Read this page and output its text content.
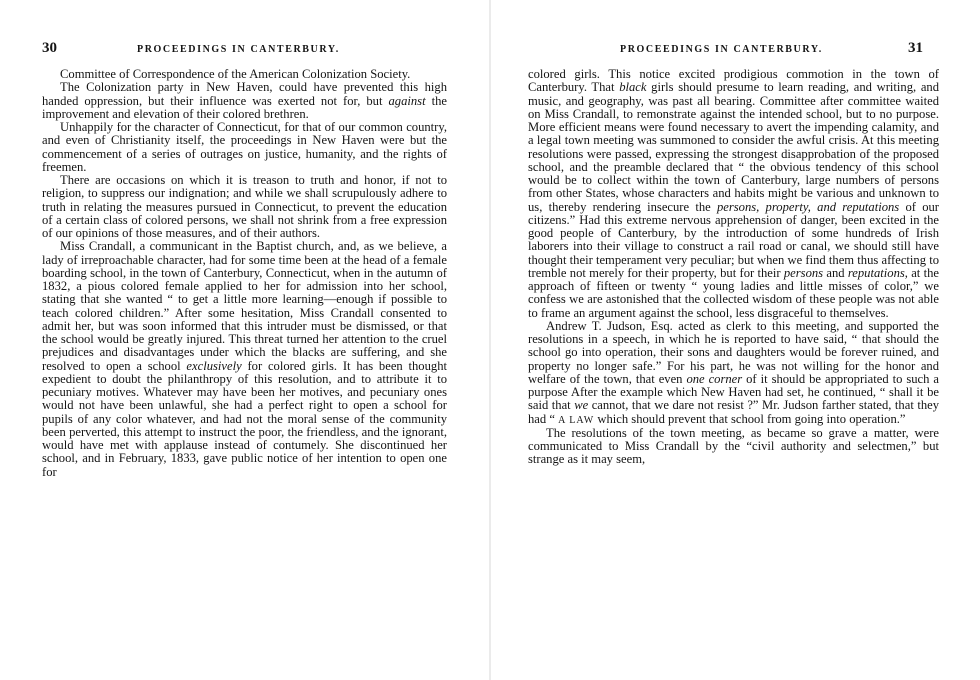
30	PROCEEDINGS IN CANTERBURY.

Committee of Correspondence of the American Colonization Society.

The Colonization party in New Haven, could have prevented this high handed oppression, but their influence was exerted not for, but against the improvement and elevation of their colored brethren.

Unhappily for the character of Connecticut, for that of our common country, and even of Christianity itself, the proceedings in New Haven were but the commencement of a series of outrages on justice, humanity, and the rights of freemen.

There are occasions on which it is treason to truth and honor, if not to religion, to suppress our indignation; and while we shall scrupulously adhere to truth in relating the measures pursued in Connecticut, to prevent the education of a certain class of colored persons, we shall not shrink from a free expression of our opinions of those measures, and of their authors.

Miss Crandall, a communicant in the Baptist church, and, as we believe, a lady of irreproachable character, had for some time been at the head of a female boarding school, in the town of Canterbury, Connecticut, when in the autumn of 1832, a pious colored female applied to her for admission into her school, stating that she wanted “ to get a little more learning—enough if possible to teach colored children.” After some hesitation, Miss Crandall consented to admit her, but was soon informed that this intruder must be dismissed, or that the school would be greatly injured. This threat turned her attention to the cruel prejudices and disadvantages under which the blacks are suffering, and she resolved to open a school exclusively for colored girls. It has been thought expedient to doubt the philanthropy of this resolution, and to attribute it to pecuniary motives. Whatever may have been her motives, and pecuniary ones would not have been unlawful, she had a perfect right to open a school for pupils of any color whatever, and had not the moral sense of the community been perverted, this attempt to instruct the poor, the friendless, and the ignorant, would have met with applause instead of contumely. She discontinued her school, and in February, 1833, gave public notice of her intention to open one for

31
PROCEEDINGS IN CANTERBURY.

colored girls. This notice excited prodigious commotion in the town of Canterbury. That black girls should presume to learn reading, and writing, and music, and geography, was past all bearing. Committee after committee waited on Miss Crandall, to remonstrate against the intended school, but to no purpose. More efficient means were found necessary to avert the impending calamity, and a legal town meeting was summoned to consider the awful crisis. At this meeting resolutions were passed, expressing the strongest disapprobation of the proposed school, and the preamble declared that “ the obvious tendency of this school would be to collect within the town of Canterbury, large numbers of persons from other States, whose characters and habits might be various and unknown to us, thereby rendering insecure the persons, property, and reputations of our citizens.” Had this extreme nervous apprehension of danger, been excited in the good people of Canterbury, by the introduction of some hundreds of Irish laborers into their village to construct a rail road or canal, we should still have thought their temperament very peculiar; but when we find them thus affecting to tremble not merely for their property, but for their persons and reputations, at the approach of fifteen or twenty “ young ladies and little misses of color,” we confess we are astonished that the collected wisdom of these people was not able to frame an argument against the school, less disgraceful to themselves.

Andrew T. Judson, Esq. acted as clerk to this meeting, and supported the resolutions in a speech, in which he is reported to have said, “ that should the school go into operation, their sons and daughters would be forever ruined, and property no longer safe.” For his part, he was not willing for the honor and welfare of the town, that even one corner of it should be appropriated to such a purpose After the example which New Haven had set, he continued, “ shall it be said that we cannot, that we dare not resist ?” Mr. Judson farther stated, that they had “ A LAW which should prevent that school from going into operation.”

The resolutions of the town meeting, as became so grave a matter, were communicated to Miss Crandall by the “civil authority and selectmen,” but strange as it may seem,
